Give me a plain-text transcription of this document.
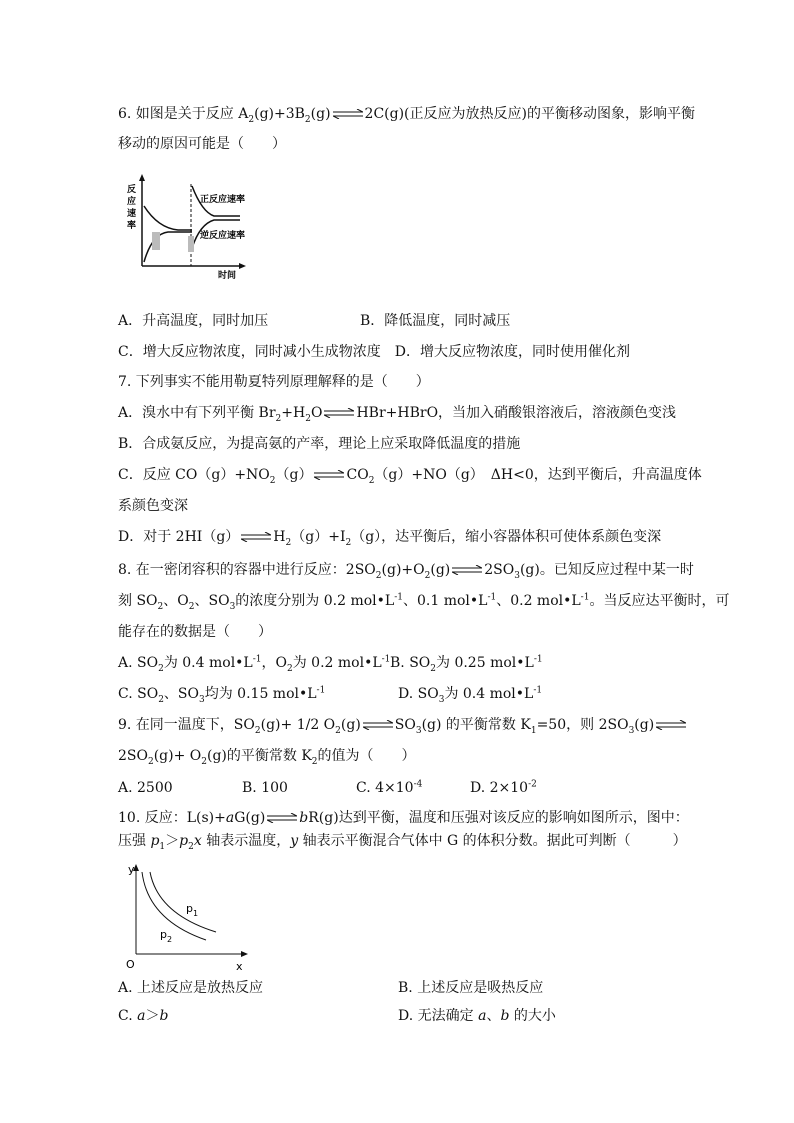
6. 如图是关于反应 $A_2(g)+3B_2(g)$ 2C(g)(正反应为放热反应)的平衡移动图象，影响平衡
移动的原因可能是（　　）
反
应
速
率
正反应速率
逆反应速率
时间
A．升高温度，同时加压	B．降低温度，同时减压
C．增大反应物浓度，同时减小生成物浓度　 D．增大反应物浓度，同时使用催化剂
7. 下列事实不能用勒夏特列原理解释的是（　　）
A．溴水中有下列平衡 $Br_2+H_2O$ HBr+HBrO，当加入硝酸银溶液后，溶液颜色变浅
B．合成氨反应，为提高氨的产率，理论上应采取降低温度的措施
C．反应 $CO(g)+NO_2(g)$ $CO_2(g)+NO(g)$　ΔH<0，达到平衡后，升高温度体
系颜色变深
D．对于 2HI（g） $H_2(g)+I_2(g)$，达平衡后，缩小容器体积可使体系颜色变深
8. 在一密闭容积的容器中进行反应：$2SO_2(g)+O_2(g)$ $2SO_3(g)$。已知反应过程中某一时
刻 $SO_2$、$O_2$、$SO_3$的浓度分别为 0.2 $mol•L^{-1}$、0.1 $mol•L^{-1}$、0.2 $mol•L^{-1}$。当反应达平衡时，可
能存在的数据是（　　）
A. $SO_2$为 0.4 $mol•L^{-1}$，$O_2$为 0.2 $mol•L^{-1}$ B. $SO_2$为 0.25 $mol•L^{-1}$
C. $SO_2$、$SO_3$均为 0.15 $mol•L^{-1}$	D. $SO_3$为 0.4 $mol•L^{-1}$
9. 在同一温度下，$SO_2(g)+ 1/2$ $O_2(g)$ $SO_3(g)$ 的平衡常数 $K_1=50$，则 $2SO_3(g)$
$2SO_2(g)+ O_2(g)$的平衡常数 $K_2$的值为（　　）
A. 2500	B. 100	C. $4\times 10^{-4}$	D. $2\times 10^{-2}$
10. 反应：L(s)+aG(g) bR(g)达到平衡，温度和压强对该反应的影响如图所示，图中：
压强 $p_1>p_2x$ 轴表示温度，y 轴表示平衡混合气体中 G 的体积分数。据此可判断（　　　）
y
x
O
$p_1$
$p_2$
A. 上述反应是放热反应	B. 上述反应是吸热反应
C. a＞b	D. 无法确定 a、b 的大小
